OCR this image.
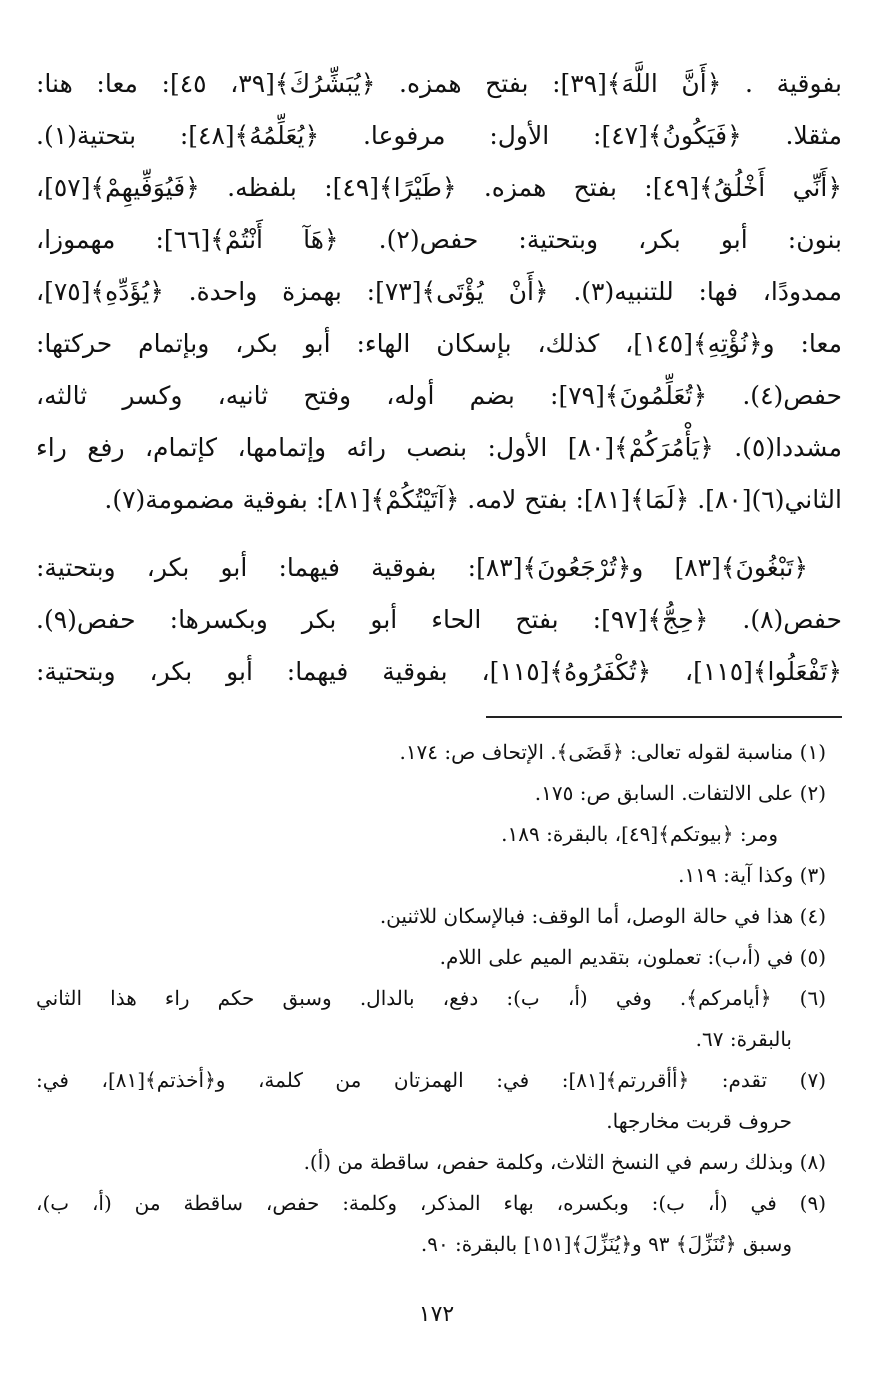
بفوقية . ﴿أَنَّ اللَّهَ﴾[٣٩]: بفتح همزه. ﴿يُبَشِّرُكَ﴾[٣٩، ٤٥]: معا: هنا:
مثقلا. ﴿فَيَكُونُ﴾[٤٧]: الأول: مرفوعا. ﴿يُعَلِّمُهُ﴾[٤٨]: بتحتية(١).
﴿أَنِّي أَخْلُقُ﴾[٤٩]: بفتح همزه. ﴿طَيْرًا﴾[٤٩]: بلفظه. ﴿فَيُوَفِّيهِمْ﴾[٥٧]،
بنون: أبو بكر، وبتحتية: حفص(٢). ﴿هَآ أَنْتُمْ﴾[٦٦]: مهموزا،
ممدودًا، فها: للتنبيه(٣). ﴿أَنْ يُؤْتَى﴾[٧٣]: بهمزة واحدة. ﴿يُؤَدِّهِ﴾[٧٥]،
معا: و﴿نُؤْتِهِ﴾[١٤٥]، كذلك، بإسكان الهاء: أبو بكر، وبإتمام حركتها:
حفص(٤). ﴿تُعَلِّمُونَ﴾[٧٩]: بضم أوله، وفتح ثانيه، وكسر ثالثه،
مشددا(٥). ﴿يَأْمُرَكُمْ﴾[٨٠] الأول: بنصب رائه وإتمامها، كإتمام، رفع راء
الثاني(٦)[٨٠]. ﴿لَمَا﴾[٨١]: بفتح لامه. ﴿آتَيْتُكُمْ﴾[٨١]: بفوقية مضمومة(٧).
﴿تَبْغُونَ﴾[٨٣] و﴿تُرْجَعُونَ﴾[٨٣]: بفوقية فيهما: أبو بكر، وبتحتية:
حفص(٨). ﴿حِجُّ﴾[٩٧]: بفتح الحاء أبو بكر وبكسرها: حفص(٩).
﴿تَفْعَلُوا﴾[١١٥]، ﴿تُكْفَرُوهُ﴾[١١٥]، بفوقية فيهما: أبو بكر، وبتحتية:
(١) مناسبة لقوله تعالى: ﴿قَضَى﴾. الإتحاف ص: ١٧٤.
(٢) على الالتفات. السابق ص: ١٧٥.
ومر: ﴿بيوتكم﴾[٤٩]، بالبقرة: ١٨٩.
(٣) وكذا آية: ١١٩.
(٤) هذا في حالة الوصل، أما الوقف: فبالإسكان للاثنين.
(٥) في (أ،ب): تعملون، بتقديم الميم على اللام.
(٦) ﴿أيامركم﴾. وفي (أ، ب): دفع، بالدال. وسبق حكم راء هذا الثاني
بالبقرة: ٦٧.
(٧) تقدم: ﴿أأقررتم﴾[٨١]: في: الهمزتان من كلمة، و﴿أخذتم﴾[٨١]، في:
حروف قربت مخارجها.
(٨) وبذلك رسم في النسخ الثلاث، وكلمة حفص، ساقطة من (أ).
(٩) في (أ، ب): وبكسره، بهاء المذكر، وكلمة: حفص، ساقطة من (أ، ب)،
وسبق ﴿تُنَزِّلَ﴾ ٩٣ و﴿يُنَزِّلَ﴾[١٥١] بالبقرة: ٩٠.
١٧٢
